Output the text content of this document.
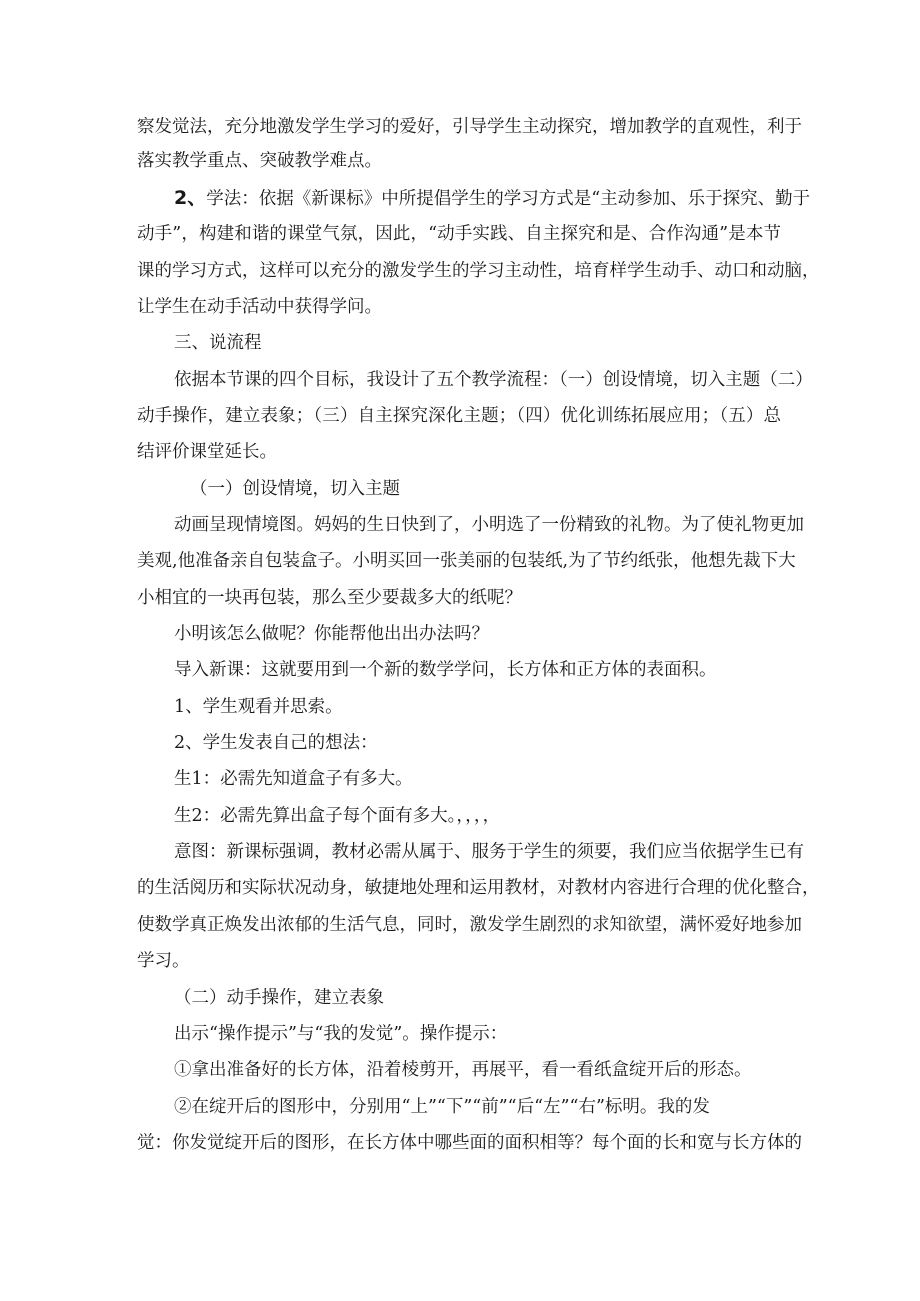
察发觉法，充分地激发学生学习的爱好，引导学生主动探究，增加教学的直观性，利于
落实教学重点、突破教学难点。
2、学法：依据《新课标》中所提倡学生的学习方式是“主动参加、乐于探究、勤于
动手”，构建和谐的课堂气氛，因此，“动手实践、自主探究和是、合作沟通”是本节
课的学习方式，这样可以充分的激发学生的学习主动性，培育样学生动手、动口和动脑，
让学生在动手活动中获得学问。
三、说流程
依据本节课的四个目标，我设计了五个教学流程：（一）创设情境，切入主题（二）
动手操作，建立表象；（三）自主探究深化主题；（四）优化训练拓展应用；（五）总
结评价课堂延长。
（一）创设情境，切入主题
动画呈现情境图。妈妈的生日快到了，小明选了一份精致的礼物。为了使礼物更加
美观,他准备亲自包装盒子。小明买回一张美丽的包装纸,为了节约纸张，他想先裁下大
小相宜的一块再包装，那么至少要裁多大的纸呢？
小明该怎么做呢？你能帮他出出办法吗？
导入新课：这就要用到一个新的数学学问，长方体和正方体的表面积。
1、学生观看并思索。
2、学生发表自己的想法：
生1：必需先知道盒子有多大。
生2：必需先算出盒子每个面有多大。，，，，
意图：新课标强调，教材必需从属于、服务于学生的须要，我们应当依据学生已有
的生活阅历和实际状况动身，敏捷地处理和运用教材，对教材内容进行合理的优化整合，
使数学真正焕发出浓郁的生活气息，同时，激发学生剧烈的求知欲望，满怀爱好地参加
学习。
（二）动手操作，建立表象
出示“操作提示”与“我的发觉”。操作提示：
①拿出准备好的长方体，沿着棱剪开，再展平，看一看纸盒绽开后的形态。
②在绽开后的图形中，分别用“上”“下”“前”“后“左”“右”标明。我的发
觉：你发觉绽开后的图形，在长方体中哪些面的面积相等？每个面的长和宽与长方体的
